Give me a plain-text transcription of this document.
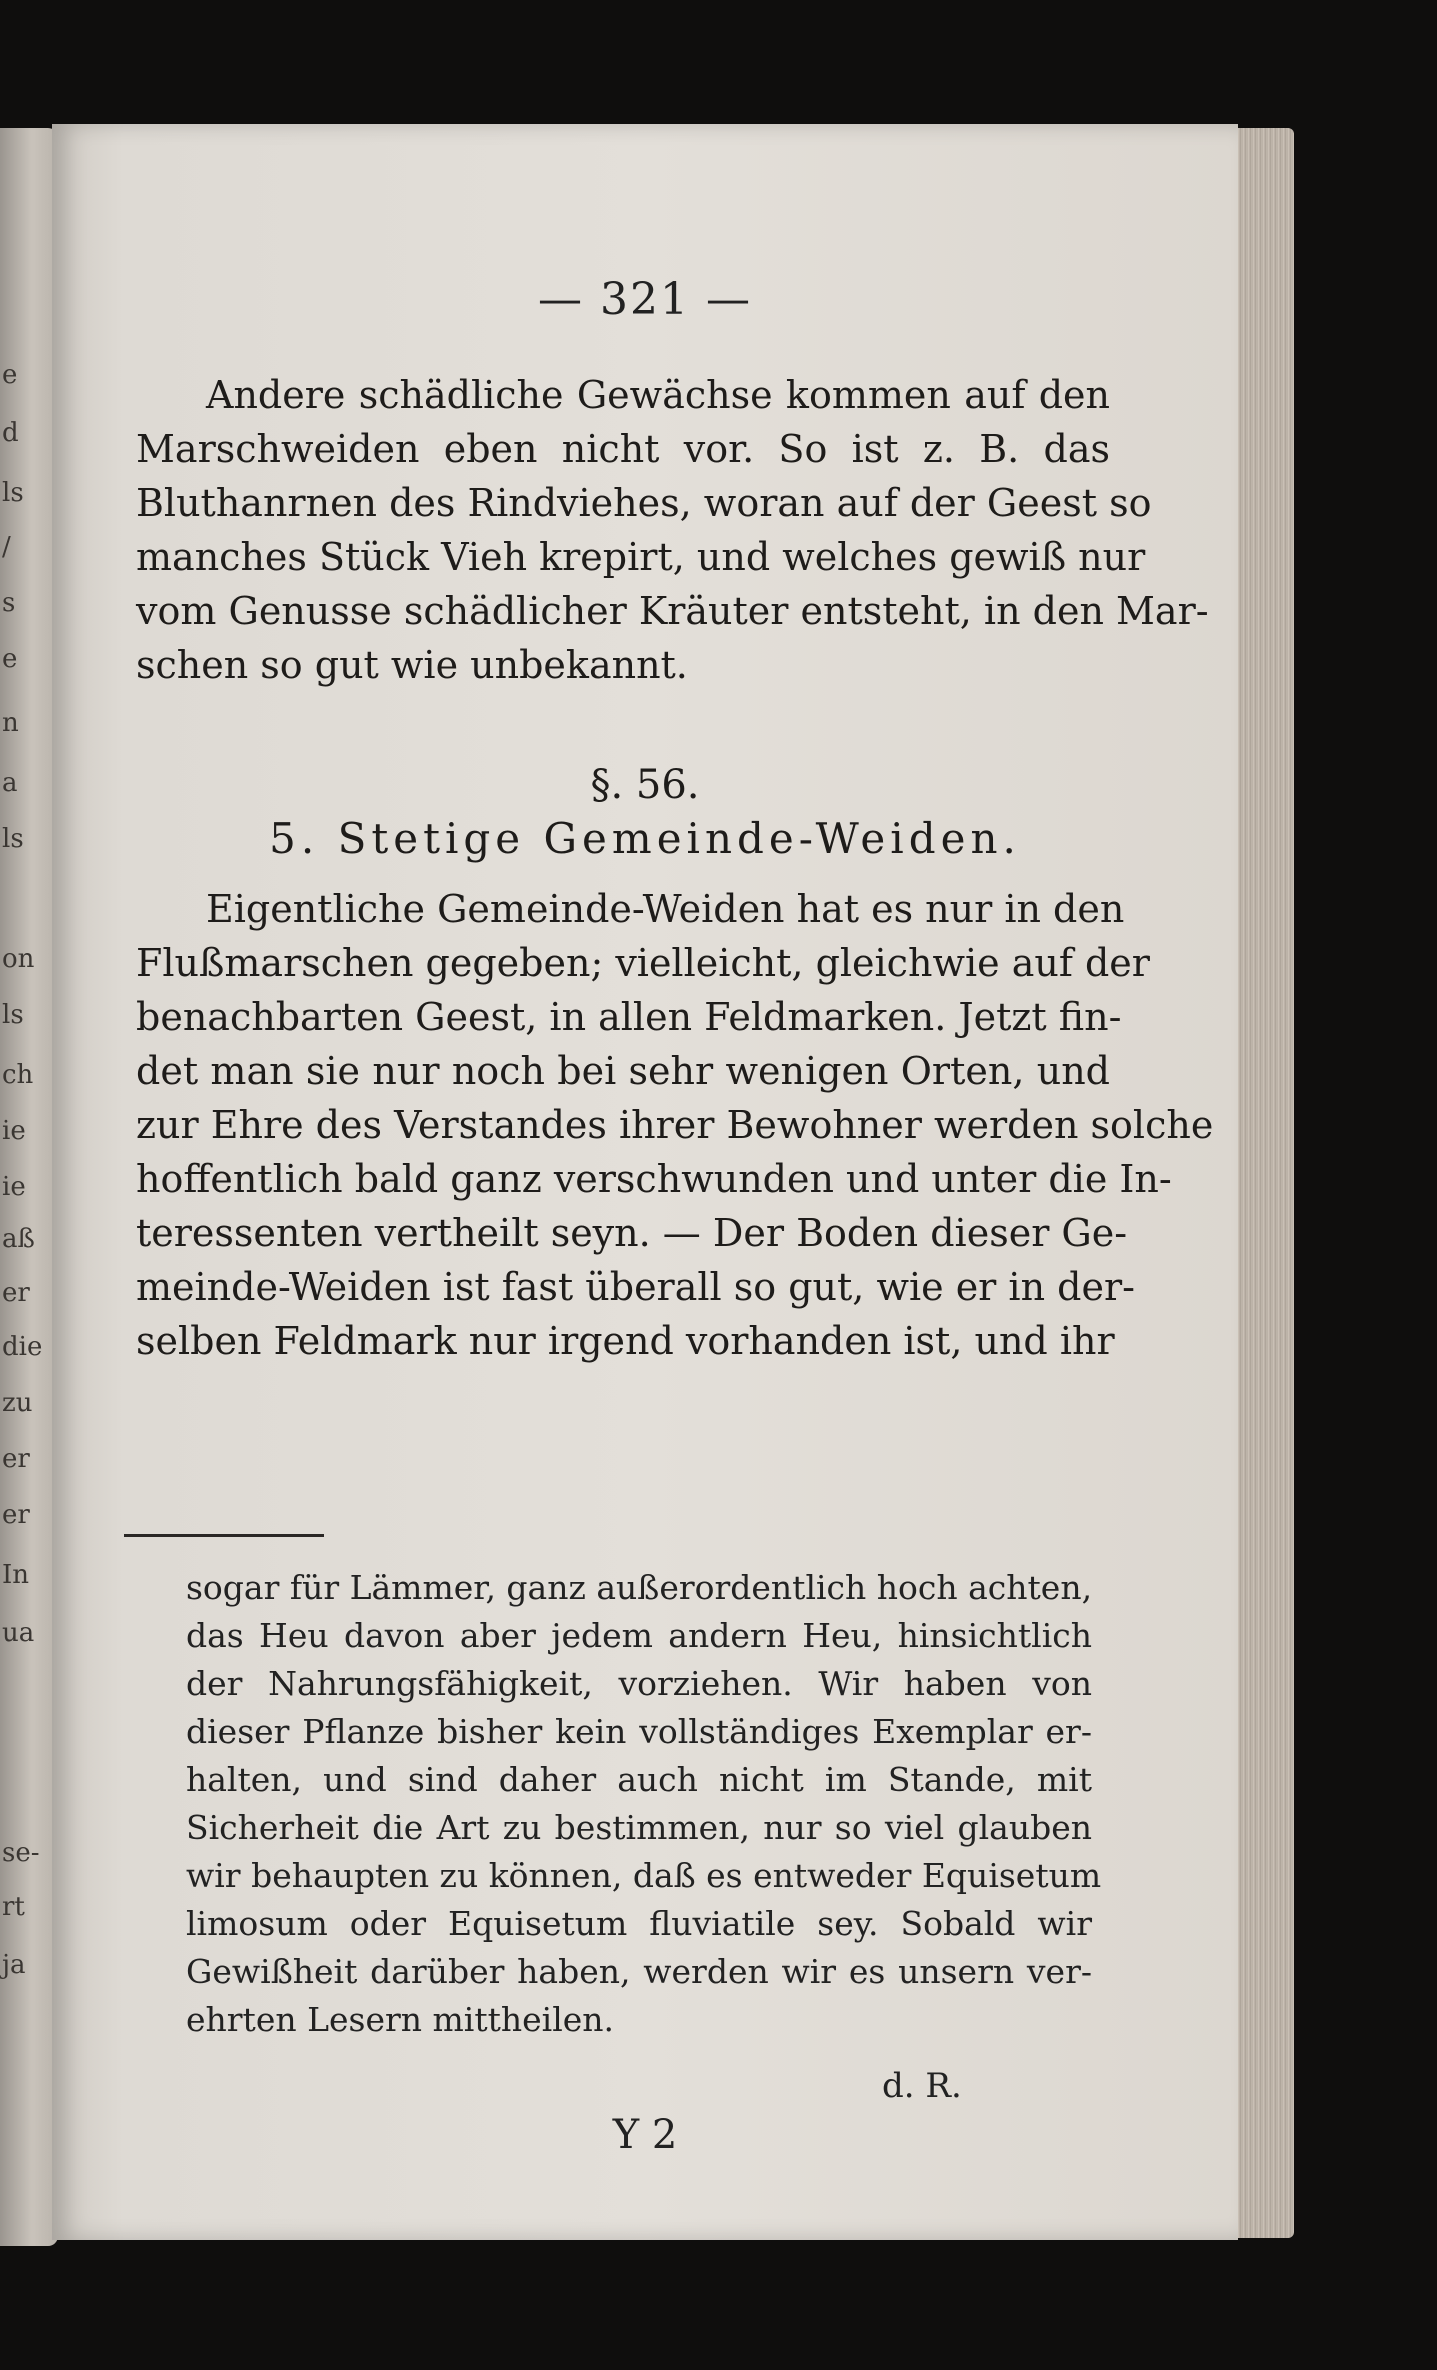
e
d
ls
/
s
e
n
a
ls
on
ls
ch
ie
ie
aß
er
die
zu
er
er
In
ua
se-
rt
ja
— 321 —
Andere schädliche Gewächse kommen auf den
Marschweiden eben nicht vor. So ist z. B. das
Bluthanrnen des Rindviehes, woran auf der Geest so
manches Stück Vieh krepirt, und welches gewiß nur
vom Genusse schädlicher Kräuter entsteht, in den Mar-
schen so gut wie unbekannt.
§. 56.
5. Stetige Gemeinde-Weiden.
Eigentliche Gemeinde-Weiden hat es nur in den
Flußmarschen gegeben; vielleicht, gleichwie auf der
benachbarten Geest, in allen Feldmarken. Jetzt fin-
det man sie nur noch bei sehr wenigen Orten, und
zur Ehre des Verstandes ihrer Bewohner werden solche
hoffentlich bald ganz verschwunden und unter die In-
teressenten vertheilt seyn. — Der Boden dieser Ge-
meinde-Weiden ist fast überall so gut, wie er in der-
selben Feldmark nur irgend vorhanden ist, und ihr
sogar für Lämmer, ganz außerordentlich hoch achten,
das Heu davon aber jedem andern Heu, hinsichtlich
der Nahrungsfähigkeit, vorziehen. Wir haben von
dieser Pflanze bisher kein vollständiges Exemplar er-
halten, und sind daher auch nicht im Stande, mit
Sicherheit die Art zu bestimmen, nur so viel glauben
wir behaupten zu können, daß es entweder Equisetum
limosum oder Equisetum fluviatile sey. Sobald wir
Gewißheit darüber haben, werden wir es unsern ver-
ehrten Lesern mittheilen.
d. R.
Y 2
